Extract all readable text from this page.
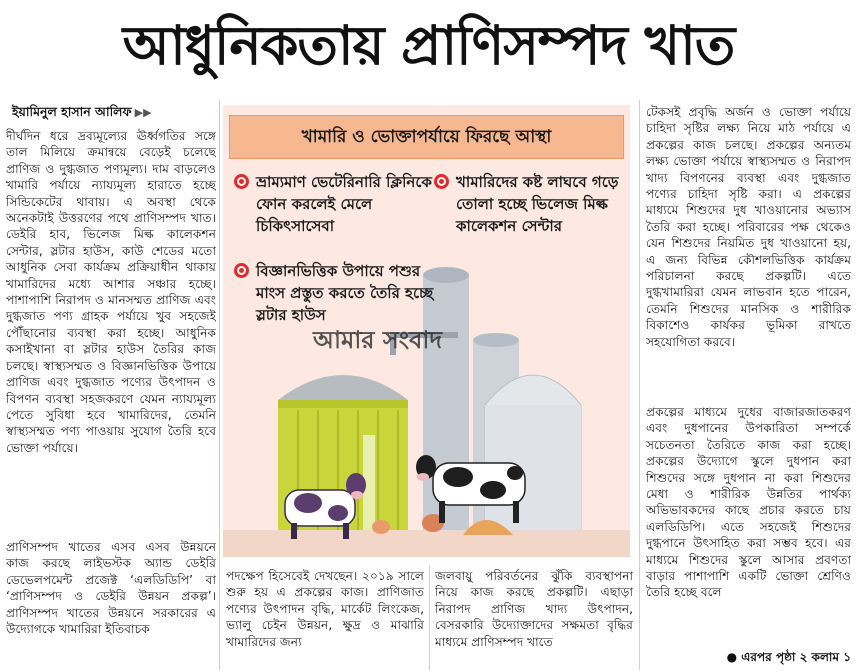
আধুনিকতায় প্রাণিসম্পদ খাত
ইয়ামিনুল হাসান আলিফ ▶▶

দীর্ঘদিন ধরে দ্রব্যমূল্যের ঊর্ধ্বগতির সঙ্গে তাল মিলিয়ে ক্রমান্বয়ে বেড়েই চলেছে প্রাণিজ ও দুগ্ধজাত পণ্যমূল্য। দাম বাড়লেও খামারি পর্যায়ে ন্যায্যমূল্য হারাতে হচ্ছে সিন্ডিকেটের থাবায়। এ অবস্থা থেকে অনেকটাই উত্তরণের পথে প্রাণিসম্পদ খাত। ডেইরি হাব, ভিলেজ মিল্ক কালেকশন সেন্টার, স্লটার হাউস, কাউ শেডের মতো আধুনিক সেবা কার্যক্রম প্রক্রিয়াধীন থাকায় খামারিদের মধ্যে আশার সঞ্চার হচ্ছে। পাশাপাশি নিরাপদ ও মানসম্মত প্রাণিজ এবং দুগ্ধজাত পণ্য গ্রাহক পর্যায়ে খুব সহজেই পৌঁছানোর ব্যবস্থা করা হচ্ছে। আধুনিক কসাইখানা বা স্লটার হাউস তৈরির কাজ চলছে। স্বাস্থ্যসম্মত ও বিজ্ঞানভিত্তিক উপায়ে প্রাণিজ এবং দুগ্ধজাত পণ্যের উৎপাদন ও বিপণন ব্যবস্থা সহজকরণে যেমন ন্যায্যমূল্য পেতে সুবিধা হবে খামারিদের, তেমনি স্বাস্থ্যসম্মত পণ্য পাওয়ায় সুযোগ তৈরি হবে ভোক্তা পর্যায়ে।

প্রাণিসম্পদ খাতের এসব এসব উন্নয়নে কাজ করছে লাইভস্টক অ্যান্ড ডেইরি ডেভেলপমেন্ট প্রজেক্ট ‘এলডিডিপি’ বা ‘প্রাণিসম্পদ ও ডেইরি উন্নয়ন প্রকল্প’। প্রাণিসম্পদ খাতের উন্নয়নে সরকারের এ উদ্যোগকে খামারিরা ইতিবাচক

খামারি ও ভোক্তাপর্যায়ে ফিরছে আস্থা
ভ্রাম্যমাণ ভেটেরিনারি ক্লিনিকে ফোন করলেই মেলে চিকিৎসাসেবা
বিজ্ঞানভিত্তিক উপায়ে পশুর মাংস প্রস্তুত করতে তৈরি হচ্ছে স্লটার হাউস
খামারিদের কষ্ট লাঘবে গড়ে তোলা হচ্ছে ভিলেজ মিল্ক কালেকশন সেন্টার
আমার সংবাদ

পদক্ষেপ হিসেবেই দেখছেন। ২০১৯ সালে শুরু হয় এ প্রকল্পের কাজ। প্রাণিজাত পণ্যের উৎপাদন বৃদ্ধি, মার্কেট লিংকেজ, ভ্যালু চেইন উন্নয়ন, ক্ষুদ্র ও মাঝারি খামারিদের জন্য

জলবায়ু পরিবর্তনের ঝুঁকি ব্যবস্থাপনা নিয়ে কাজ করছে প্রকল্পটি। এছাড়া নিরাপদ প্রাণিজ খাদ্য উৎপাদন, বেসরকারি উদ্যোক্তাদের সক্ষমতা বৃদ্ধির মাধ্যমে প্রাণিসম্পদ খাতে

টেকসই প্রবৃদ্ধি অর্জন ও ভোক্তা পর্যায়ে চাহিদা সৃষ্টির লক্ষ্য নিয়ে মাঠ পর্যায়ে এ প্রকল্পের কাজ চলছে। প্রকল্পের অন্যতম লক্ষ্য ভোক্তা পর্যায়ে স্বাস্থ্যসম্মত ও নিরাপদ খাদ্য বিপণনের ব্যবস্থা এবং দুগ্ধজাত পণ্যের চাহিদা সৃষ্টি করা। এ প্রকল্পের মাধ্যমে শিশুদের দুধ খাওয়ানোর অভ্যাস তৈরি করা হচ্ছে। পরিবারের পক্ষ থেকেও যেন শিশুদের নিয়মিত দুধ খাওয়ানো হয়, এ জন্য বিভিন্ন কৌশলভিত্তিক কার্যক্রম পরিচালনা করছে প্রকল্পটি। এতে দুগ্ধখামারিরা যেমন লাভবান হতে পারেন, তেমনি শিশুদের মানসিক ও শারীরিক বিকাশেও কার্যকর ভূমিকা রাখতে সহযোগিতা করবে।

প্রকল্পের মাধ্যমে দুধের বাজারজাতকরণ এবং দুধপানের উপকারিতা সম্পর্কে সচেতনতা তৈরিতে কাজ করা হচ্ছে। প্রকল্পের উদ্যোগে স্কুলে দুধপান করা শিশুদের সঙ্গে দুধপান না করা শিশুদের মেধা ও শারীরিক উন্নতির পার্থক্য অভিভাবকদের কাছে প্রচার করতে চায় এলডিডিপি। এতে সহজেই শিশুদের দুগ্ধপানে উৎসাহিত করা সম্ভব হবে। এর মাধ্যমে শিশুদের স্কুলে আসার প্রবণতা বাড়ার পাশাপাশি একটি ভোক্তা শ্রেণিও তৈরি হচ্ছে বলে

● এরপর পৃষ্ঠা ২ কলাম ১
